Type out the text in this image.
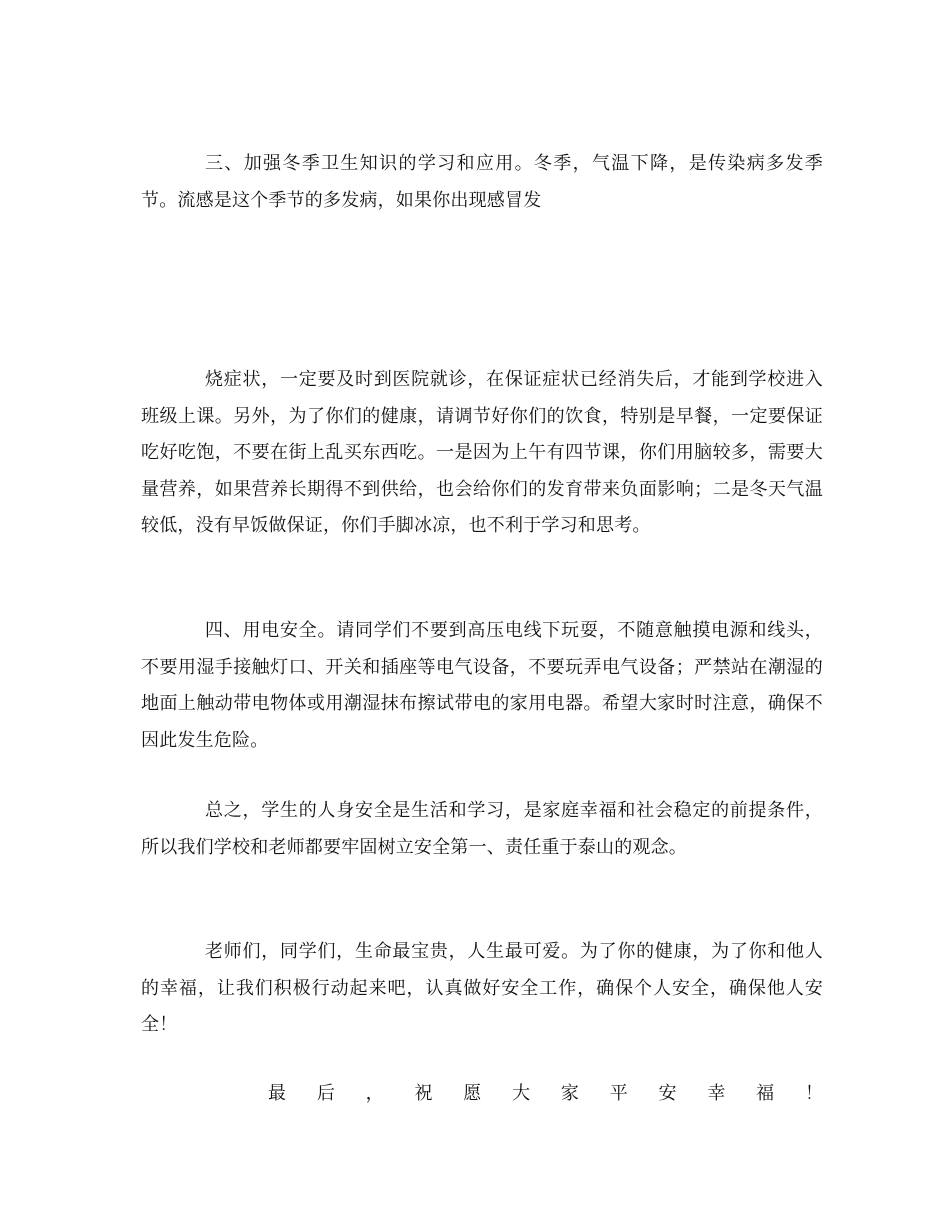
三、加强冬季卫生知识的学习和应用。冬季，气温下降，是传染病多发季节。流感是这个季节的多发病，如果你出现感冒发

烧症状，一定要及时到医院就诊，在保证症状已经消失后，才能到学校进入班级上课。另外，为了你们的健康，请调节好你们的饮食，特别是早餐，一定要保证吃好吃饱，不要在街上乱买东西吃。一是因为上午有四节课，你们用脑较多，需要大量营养，如果营养长期得不到供给，也会给你们的发育带来负面影响；二是冬天气温较低，没有早饭做保证，你们手脚冰凉，也不利于学习和思考。

四、用电安全。请同学们不要到高压电线下玩耍，不随意触摸电源和线头，不要用湿手接触灯口、开关和插座等电气设备，不要玩弄电气设备；严禁站在潮湿的地面上触动带电物体或用潮湿抹布擦试带电的家用电器。希望大家时时注意，确保不因此发生危险。

总之，学生的人身安全是生活和学习，是家庭幸福和社会稳定的前提条件，所以我们学校和老师都要牢固树立安全第一、责任重于泰山的观念。

老师们，同学们，生命最宝贵，人生最可爱。为了你的健康，为了你和他人的幸福，让我们积极行动起来吧，认真做好安全工作，确保个人安全，确保他人安全！

最 后 ， 祝 愿 大 家 平 安 幸 福 ！
